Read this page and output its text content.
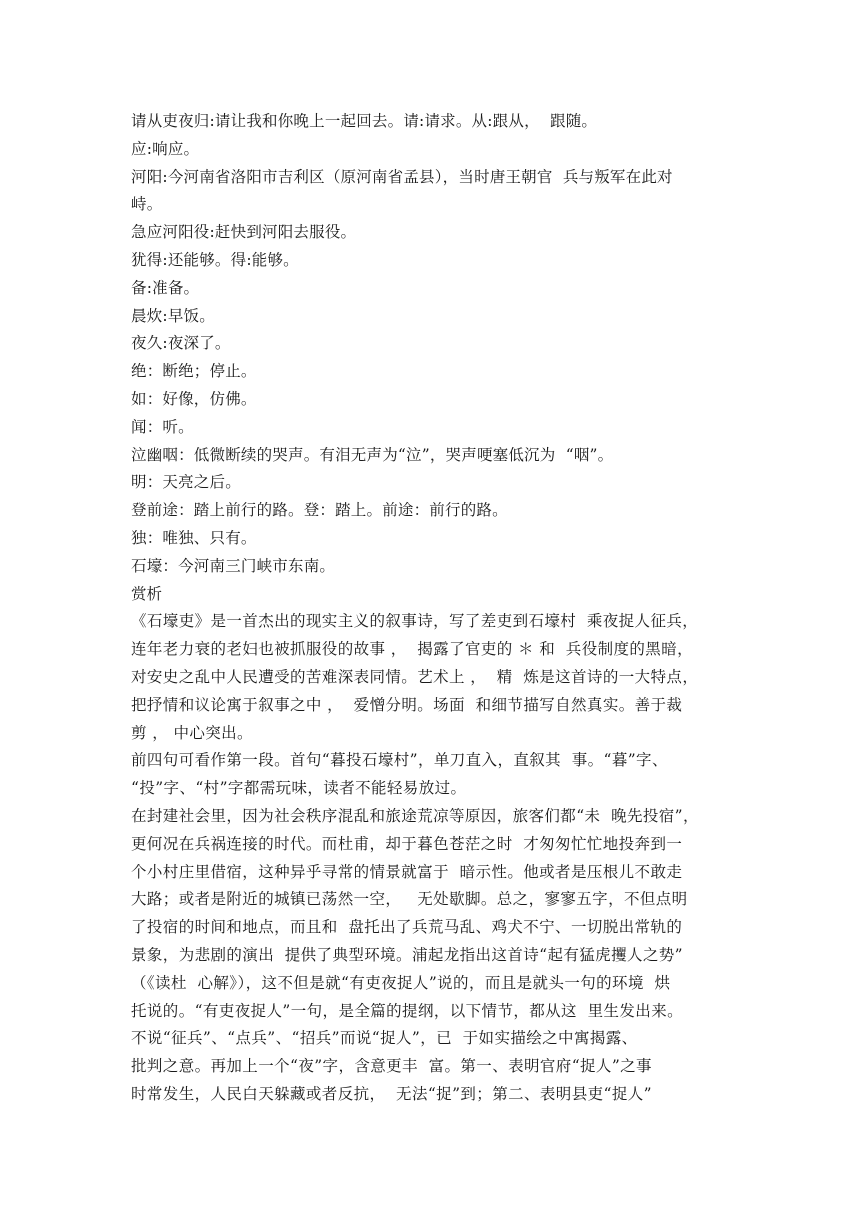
请从吏夜归:请让我和你晚上一起回去。请:请求。从:跟从，  跟随。

应:响应。

河阳:今河南省洛阳市吉利区（原河南省孟县），当时唐王朝官  兵与叛军在此对

峙。

急应河阳役:赶快到河阳去服役。

犹得:还能够。得:能够。

备:准备。

晨炊:早饭。

夜久:夜深了。

绝：断绝；停止。

如：好像，仿佛。

闻：听。

泣幽咽：低微断续的哭声。有泪无声为“泣”，哭声哽塞低沉为  “咽”。

明：天亮之后。

登前途：踏上前行的路。登：踏上。前途：前行的路。

独：唯独、只有。

石壕：今河南三门峡市东南。

赏析

《石壕吏》是一首杰出的现实主义的叙事诗，写了差吏到石壕村  乘夜捉人征兵，

连年老力衰的老妇也被抓服役的故事 ，  揭露了官吏的 ＊ 和  兵役制度的黑暗，

对安史之乱中人民遭受的苦难深表同情。艺术上 ，  精  炼是这首诗的一大特点，

把抒情和议论寓于叙事之中 ，  爱憎分明。场面  和细节描写自然真实。善于裁

剪 ， 中心突出。

前四句可看作第一段。首句“暮投石壕村”，单刀直入，直叙其  事。“暮”字、

“投”字、“村”字都需玩味，读者不能轻易放过。

在封建社会里，因为社会秩序混乱和旅途荒凉等原因，旅客们都“未  晚先投宿”，

更何况在兵祸连接的时代。而杜甫，却于暮色苍茫之时  才匆匆忙忙地投奔到一

个小村庄里借宿，这种异乎寻常的情景就富于  暗示性。他或者是压根儿不敢走

大路；或者是附近的城镇已荡然一空，   无处歇脚。总之，寥寥五字，不但点明

了投宿的时间和地点，而且和  盘托出了兵荒马乱、鸡犬不宁、一切脱出常轨的

景象，为悲剧的演出  提供了典型环境。浦起龙指出这首诗“起有猛虎攫人之势”

（《读杜  心解》），这不但是就“有吏夜捉人”说的，而且是就头一句的环境  烘

托说的。“有吏夜捉人”一句，是全篇的提纲，以下情节，都从这  里生发出来。

不说“征兵”、“点兵”、“招兵”而说“捉人”，已  于如实描绘之中寓揭露、

批判之意。再加上一个“夜”字，含意更丰  富。第一、表明官府“捉人”之事

时常发生，人民白天躲藏或者反抗，  无法“捉”到；第二、表明县吏“捉人”
